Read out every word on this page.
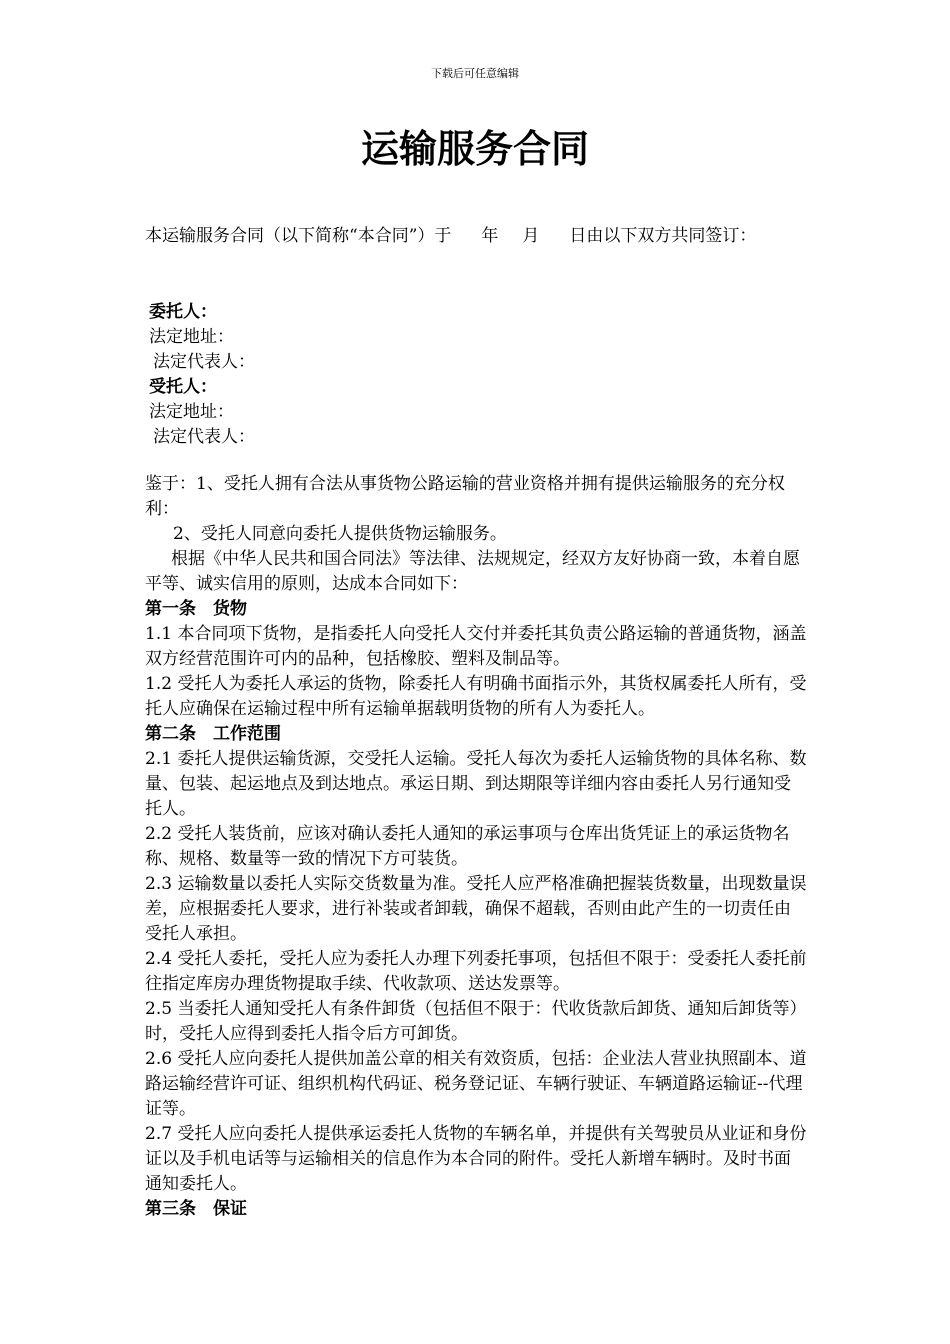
下载后可任意编辑
运输服务合同

本运输服务合同（以下简称“本合同”）于 年 月 日由以下双方共同签订：

委托人：

法定地址：

法定代表人：

受托人：

法定地址：

法定代表人：

鉴于：1、受托人拥有合法从事货物公路运输的营业资格并拥有提供运输服务的充分权利：

2、受托人同意向委托人提供货物运输服务。

根据《中华人民共和国合同法》等法律、法规规定，经双方友好协商一致，本着自愿平等、诚实信用的原则，达成本合同如下：

第一条　货物

1.1 本合同项下货物，是指委托人向受托人交付并委托其负责公路运输的普通货物，涵盖双方经营范围许可内的品种，包括橡胶、塑料及制品等。

1.2 受托人为委托人承运的货物，除委托人有明确书面指示外，其货权属委托人所有，受托人应确保在运输过程中所有运输单据载明货物的所有人为委托人。

第二条　工作范围

2.1 委托人提供运输货源，交受托人运输。受托人每次为委托人运输货物的具体名称、数量、包装、起运地点及到达地点。承运日期、到达期限等详细内容由委托人另行通知受托人。

2.2 受托人装货前，应该对确认委托人通知的承运事项与仓库出货凭证上的承运货物名称、规格、数量等一致的情况下方可装货。

2.3 运输数量以委托人实际交货数量为准。受托人应严格准确把握装货数量，出现数量误差，应根据委托人要求，进行补装或者卸载，确保不超载，否则由此产生的一切责任由受托人承担。

2.4 受托人委托，受托人应为委托人办理下列委托事项，包括但不限于：受委托人委托前往指定库房办理货物提取手续、代收款项、送达发票等。

2.5 当委托人通知受托人有条件卸货（包括但不限于：代收货款后卸货、通知后卸货等）时，受托人应得到委托人指令后方可卸货。

2.6 受托人应向委托人提供加盖公章的相关有效资质，包括：企业法人营业执照副本、道路运输经营许可证、组织机构代码证、税务登记证、车辆行驶证、车辆道路运输证--代理证等。

2.7 受托人应向委托人提供承运委托人货物的车辆名单，并提供有关驾驶员从业证和身份证以及手机电话等与运输相关的信息作为本合同的附件。受托人新增车辆时。及时书面通知委托人。

第三条　保证
